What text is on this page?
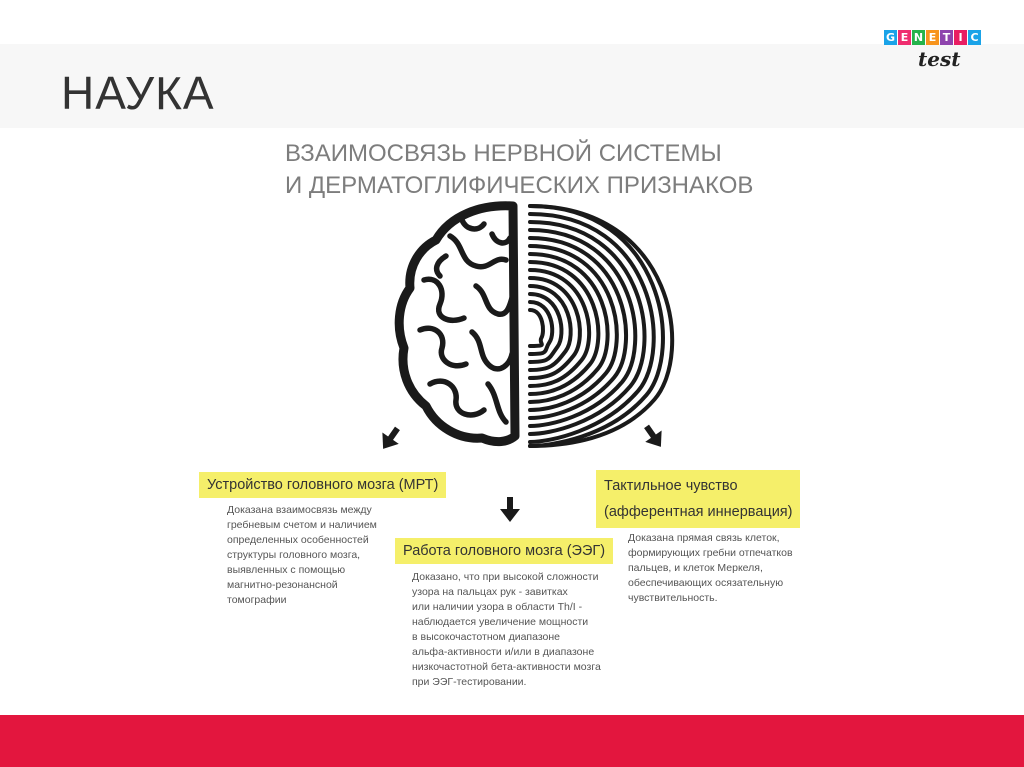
НАУКА
G E N E T I C
test
ВЗАИМОСВЯЗЬ НЕРВНОЙ СИСТЕМЫ
И ДЕРМАТОГЛИФИЧЕСКИХ ПРИЗНАКОВ
Устройство головного мозга (МРТ)

Доказана взаимосвязь между
гребневым счетом и наличием
определенных особенностей
структуры головного мозга,
выявленных с помощью
магнитно-резонансной
томографии

Работа головного мозга (ЭЭГ)

Доказано, что при высокой сложности
узора на пальцах рук - завитках
или наличии узора в области Th/I -
наблюдается увеличение мощности
в высокочастотном диапазоне
альфа-активности и/или в диапазоне
низкочастотной бета-активности мозга
при ЭЭГ-тестировании.

Тактильное чувство
(афферентная иннервация)

Доказана прямая связь клеток,
формирующих гребни отпечатков
пальцев, и клеток Меркеля,
обеспечивающих осязательную
чувствительность.
